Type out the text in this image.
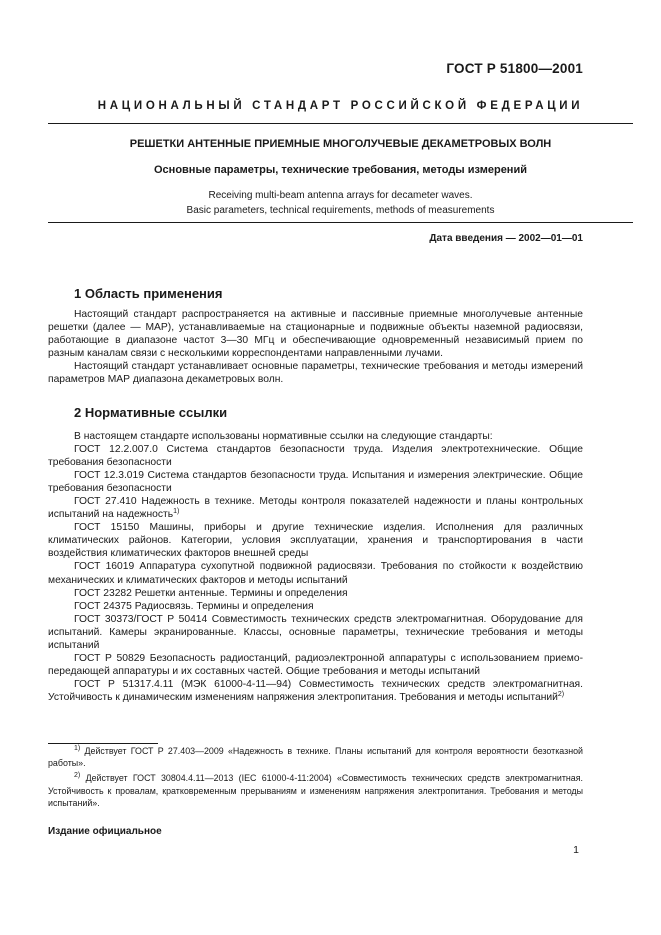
ГОСТ Р 51800—2001
НАЦИОНАЛЬНЫЙ СТАНДАРТ РОССИЙСКОЙ ФЕДЕРАЦИИ
РЕШЕТКИ АНТЕННЫЕ ПРИЕМНЫЕ МНОГОЛУЧЕВЫЕ ДЕКАМЕТРОВЫХ ВОЛН
Основные параметры, технические требования, методы измерений
Receiving multi-beam antenna arrays for decameter waves.
Basic parameters, technical requirements, methods of measurements
Дата введения — 2002—01—01
1 Область применения

Настоящий стандарт распространяется на активные и пассивные приемные многолучевые антенные решетки (далее — МАР), устанавливаемые на стационарные и подвижные объекты наземной радиосвязи, работающие в диапазоне частот 3—30 МГц и обеспечивающие одновременный независимый прием по разным каналам связи с несколькими корреспондентами направленными лучами.

Настоящий стандарт устанавливает основные параметры, технические требования и методы измерений параметров МАР диапазона декаметровых волн.

2 Нормативные ссылки

В настоящем стандарте использованы нормативные ссылки на следующие стандарты:

ГОСТ 12.2.007.0 Система стандартов безопасности труда. Изделия электротехнические. Общие требования безопасности

ГОСТ 12.3.019 Система стандартов безопасности труда. Испытания и измерения электрические. Общие требования безопасности

ГОСТ 27.410 Надежность в технике. Методы контроля показателей надежности и планы контрольных испытаний на надежность$^{1)}$

ГОСТ 15150 Машины, приборы и другие технические изделия. Исполнения для различных климатических районов. Категории, условия эксплуатации, хранения и транспортирования в части воздействия климатических факторов внешней среды

ГОСТ 16019 Аппаратура сухопутной подвижной радиосвязи. Требования по стойкости к воздействию механических и климатических факторов и методы испытаний

ГОСТ 23282 Решетки антенные. Термины и определения

ГОСТ 24375 Радиосвязь. Термины и определения

ГОСТ 30373/ГОСТ Р 50414 Совместимость технических средств электромагнитная. Оборудование для испытаний. Камеры экранированные. Классы, основные параметры, технические требования и методы испытаний

ГОСТ Р 50829 Безопасность радиостанций, радиоэлектронной аппаратуры с использованием приемо-передающей аппаратуры и их составных частей. Общие требования и методы испытаний

ГОСТ Р 51317.4.11 (МЭК 61000-4-11—94) Совместимость технических средств электромагнитная. Устойчивость к динамическим изменениям напряжения электропитания. Требования и методы испытаний$^{2)}$

$^{1)}$ Действует ГОСТ Р 27.403—2009 «Надежность в технике. Планы испытаний для контроля вероятности безотказной работы».

$^{2)}$ Действует ГОСТ 30804.4.11—2013 (IEC 61000-4-11:2004) «Совместимость технических средств электромагнитная. Устойчивость к провалам, кратковременным прерываниям и изменениям напряжения электропитания. Требования и методы испытаний».

Издание официальное
1
